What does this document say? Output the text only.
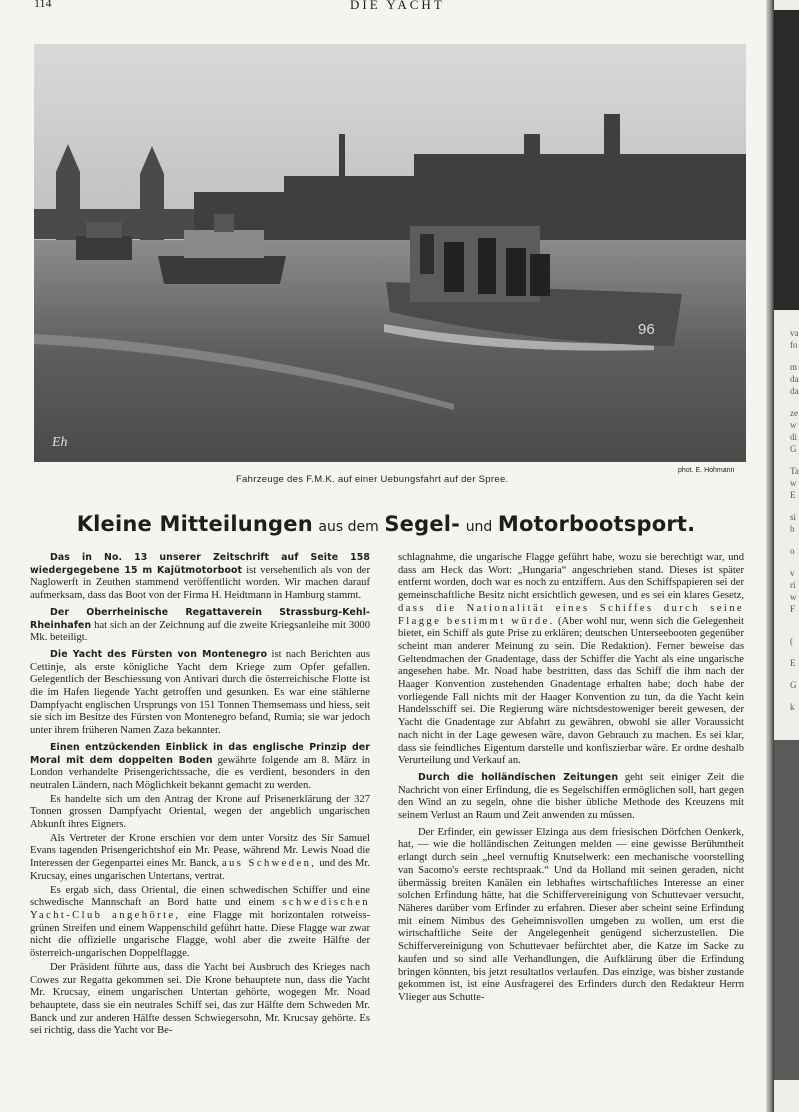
114	DIE YACHT
96
Eh
phot. E. Hohmann
Fahrzeuge des F.M.K. auf einer Uebungsfahrt auf der Spree.
Kleine Mitteilungen aus dem Segel- und Motorbootsport.

Das in No. 13 unserer Zeitschrift auf Seite 158 wiedergegebene 15 m Kajütmotorboot ist versehentlich als von der Naglowerft in Zeuthen stammend veröffentlicht worden. Wir machen darauf aufmerksam, dass das Boot von der Firma H. Heidtmann in Hamburg stammt.

Der Oberrheinische Regattaverein Strassburg-Kehl-Rheinhafen hat sich an der Zeichnung auf die zweite Kriegsanleihe mit 3000 Mk. beteiligt.

Die Yacht des Fürsten von Montenegro ist nach Berichten aus Cettinje, als erste königliche Yacht dem Kriege zum Opfer gefallen. Gelegentlich der Beschiessung von Antivari durch die österreichische Flotte ist die im Hafen liegende Yacht getroffen und gesunken. Es war eine stählerne Dampfyacht englischen Ursprungs von 151 Tonnen Themsemass und hiess, seit sie sich im Besitze des Fürsten von Montenegro befand, Rumia; sie war jedoch unter ihrem früheren Namen Zaza bekannter.

Einen entzückenden Einblick in das englische Prinzip der Moral mit dem doppelten Boden gewährte folgende am 8. März in London verhandelte Prisengerichtssache, die es verdient, besonders in den neutralen Ländern, nach Möglichkeit bekannt gemacht zu werden.

Es handelte sich um den Antrag der Krone auf Prisenerklärung der 327 Tonnen grossen Dampfyacht Oriental, wegen der angeblich ungarischen Abkunft ihres Eigners.

Als Vertreter der Krone erschien vor dem unter Vorsitz des Sir Samuel Evans tagenden Prisengerichtshof ein Mr. Pease, während Mr. Lewis Noad die Interessen der Gegenpartei eines Mr. Banck, aus Schweden, und des Mr. Krucsay, eines ungarischen Untertans, vertrat.

Es ergab sich, dass Oriental, die einen schwedischen Schiffer und eine schwedische Mannschaft an Bord hatte und einem schwedischen Yacht-Club angehörte, eine Flagge mit horizontalen rotweiss-grünen Streifen und einem Wappenschild geführt hatte. Diese Flagge war zwar nicht die offizielle ungarische Flagge, wohl aber die zweite Hälfte der österreich-ungarischen Doppelflagge.

Der Präsident führte aus, dass die Yacht bei Ausbruch des Krieges nach Cowes zur Regatta gekommen sei. Die Krone behauptete nun, dass die Yacht Mr. Krucsay, einem ungarischen Untertan gehörte, wogegen Mr. Noad behauptete, dass sie ein neutrales Schiff sei, das zur Hälfte dem Schweden Mr. Banck und zur anderen Hälfte dessen Schwiegersohn, Mr. Krucsay gehörte. Es sei richtig, dass die Yacht vor Be-

schlagnahme, die ungarische Flagge geführt habe, wozu sie berechtigt war, und dass am Heck das Wort: „Hungaria“ angeschrieben stand. Dieses ist später entfernt worden, doch war es noch zu entziffern. Aus den Schiffspapieren sei der gemeinschaftliche Besitz nicht ersichtlich gewesen, und es sei ein klares Gesetz, dass die Nationalität eines Schiffes durch seine Flagge bestimmt würde. (Aber wohl nur, wenn sich die Gelegenheit bietet, ein Schiff als gute Prise zu erklären; deutschen Unterseebooten gegenüber scheint man anderer Meinung zu sein. Die Redaktion). Ferner beweise das Geltendmachen der Gnadentage, dass der Schiffer die Yacht als eine ungarische angesehen habe. Mr. Noad habe bestritten, dass das Schiff die ihm nach der Haager Konvention zustehenden Gnadentage erhalten habe; doch habe der vorliegende Fall nichts mit der Haager Konvention zu tun, da die Yacht kein Handelsschiff sei. Die Regierung wäre nichtsdestoweniger bereit gewesen, der Yacht die Gnadentage zur Abfahrt zu gewähren, obwohl sie aller Voraussicht nach nicht in der Lage gewesen wäre, davon Gebrauch zu machen. Es sei klar, dass sie feindliches Eigentum darstelle und konfiszierbar wäre. Er ordne deshalb Verurteilung und Verkauf an.

Durch die holländischen Zeitungen geht seit einiger Zeit die Nachricht von einer Erfindung, die es Segelschiffen ermöglichen soll, hart gegen den Wind an zu segeln, ohne die bisher übliche Methode des Kreuzens mit seinem Verlust an Raum und Zeit anwenden zu müssen.

Der Erfinder, ein gewisser Elzinga aus dem friesischen Dörfchen Oenkerk, hat, — wie die holländischen Zeitungen melden — eine gewisse Berühmtheit erlangt durch sein „heel vernuftig Knutselwerk: een mechanische voorstelling van Sacomo's eerste rechtspraak.“ Und da Holland mit seinen geraden, nicht übermässig breiten Kanälen ein lebhaftes wirtschaftliches Interesse an einer solchen Erfindung hätte, hat die Schiffervereinigung von Schuttevaer versucht, Näheres darüber vom Erfinder zu erfahren. Dieser aber scheint seine Erfindung mit einem Nimbus des Geheimnisvollen umgeben zu wollen, um erst die wirtschaftliche Seite der Angelegenheit genügend sicherzustellen. Die Schiffervereinigung von Schuttevaer befürchtet aber, die Katze im Sacke zu kaufen und so sind alle Verhandlungen, die Aufklärung über die Erfindung bringen könnten, bis jetzt resultatlos verlaufen. Das einzige, was bisher zustande gekommen ist, ist eine Ausfragerei des Erfinders durch den Redakteur Herrn Vlieger aus Schutte-

va
fo
m
da
da
ze
w
di
G
Ta
w
E
si
b
o
v
ri
w
F
(
E
G
k
